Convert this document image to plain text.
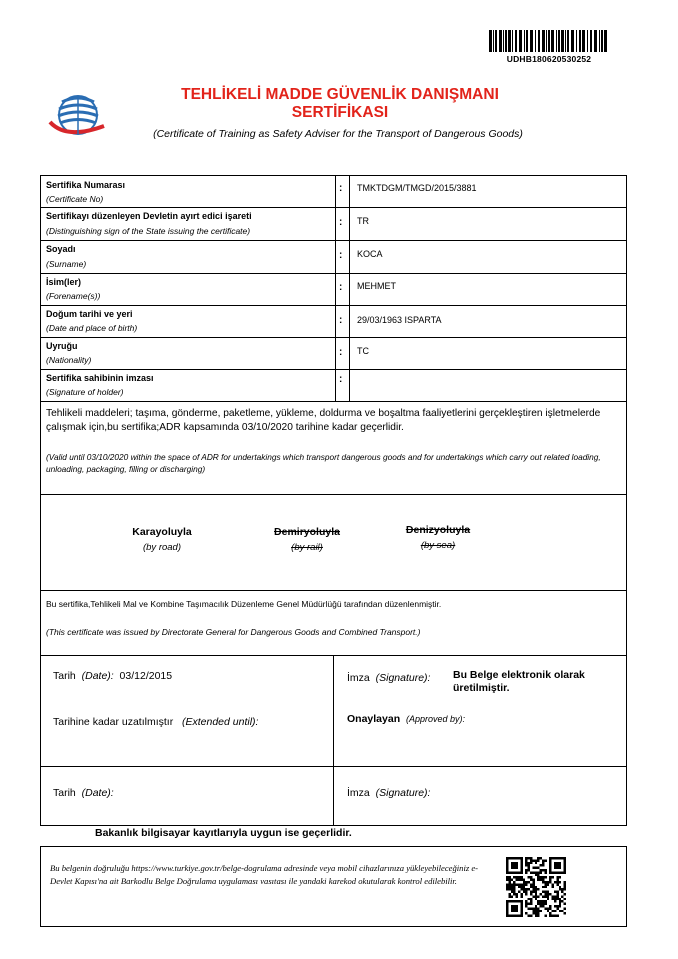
UDHB180620530252
TEHLİKELİ MADDE GÜVENLİK DANIŞMANI
SERTİFİKASI
(Certificate of Training as Safety Adviser for the Transport of Dangerous Goods)
Sertifika Numarası
(Certificate No)
: TMKTDGM/TMGD/2015/3881
Sertifikayı düzenleyen Devletin ayırt edici işareti
(Distinguishing sign of the State issuing the certificate)
: TR
Soyadı
(Surname)
: KOCA
İsim(ler)
(Forename(s))
: MEHMET
Doğum tarihi ve yeri
(Date and place of birth)
: 29/03/1963 ISPARTA
Uyruğu
(Nationality)
: TC
Sertifika sahibinin imzası
(Signature of holder)
:
Tehlikeli maddeleri; taşıma, gönderme, paketleme, yükleme, doldurma ve boşaltma faaliyetlerini gerçekleştiren işletmelerde çalışmak için,bu sertifika;ADR kapsamında 03/10/2020 tarihine kadar geçerlidir.
(Valid until 03/10/2020 within the space of ADR for undertakings which transport dangerous goods and for undertakings which carry out related loading, unloading, packaging, filling or discharging)
Karayoluyla
(by road)
Demiryoluyla
(by rail)
Denizyoluyla
(by sea)
Bu sertifika,Tehlikeli Mal ve Kombine Taşımacılık Düzenleme Genel Müdürlüğü tarafından düzenlenmiştir.
(This certificate was issued by Directorate General for Dangerous Goods and Combined Transport.)
Tarih (Date): 03/12/2015	İmza (Signature): Bu Belge elektronik olarak üretilmiştir.
Tarihine kadar uzatılmıştır (Extended until):	Onaylayan (Approved by):
Tarih (Date):	İmza (Signature):
Bakanlık bilgisayar kayıtlarıyla uygun ise geçerlidir.
Bu belgenin doğruluğu https://www.turkiye.gov.tr/belge-dogrulama adresinde veya mobil cihazlarınıza yükleyebileceğiniz e-Devlet Kapısı'na ait Barkodlu Belge Doğrulama uygulaması vasıtası ile yandaki karekod okutularak kontrol edilebilir.
